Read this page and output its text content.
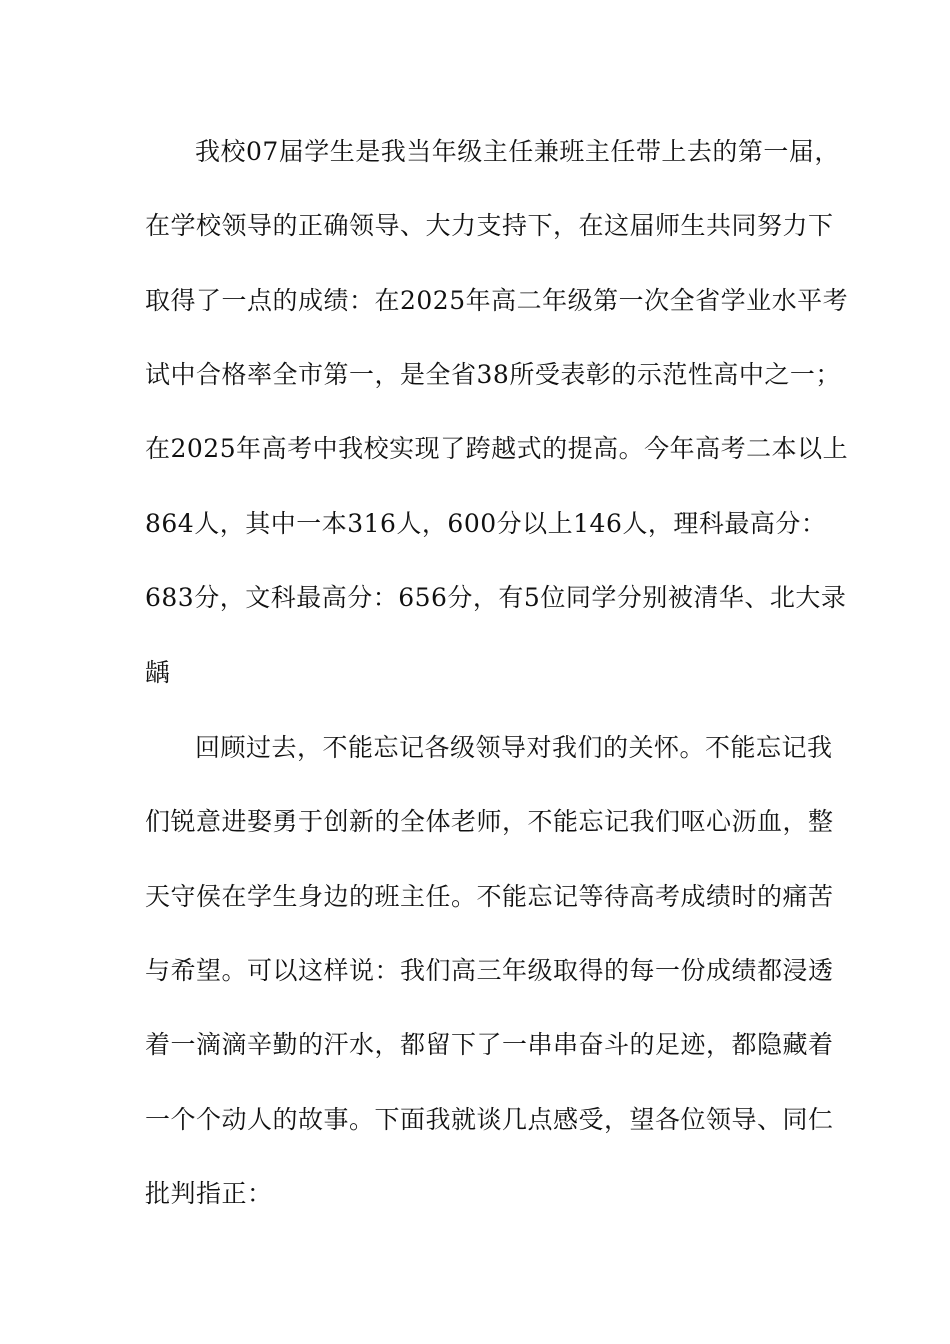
我校07届学生是我当年级主任兼班主任带上去的第一届，
在学校领导的正确领导、大力支持下，在这届师生共同努力下
取得了一点的成绩：在2025年高二年级第一次全省学业水平考
试中合格率全市第一，是全省38所受表彰的示范性高中之一；
在2025年高考中我校实现了跨越式的提高。今年高考二本以上
864人，其中一本316人，600分以上146人，理科最高分：
683分，文科最高分：656分，有5位同学分别被清华、北大录
龋
回顾过去，不能忘记各级领导对我们的关怀。不能忘记我
们锐意进娶勇于创新的全体老师，不能忘记我们呕心沥血，整
天守侯在学生身边的班主任。不能忘记等待高考成绩时的痛苦
与希望。可以这样说：我们高三年级取得的每一份成绩都浸透
着一滴滴辛勤的汗水，都留下了一串串奋斗的足迹，都隐藏着
一个个动人的故事。下面我就谈几点感受，望各位领导、同仁
批判指正：
